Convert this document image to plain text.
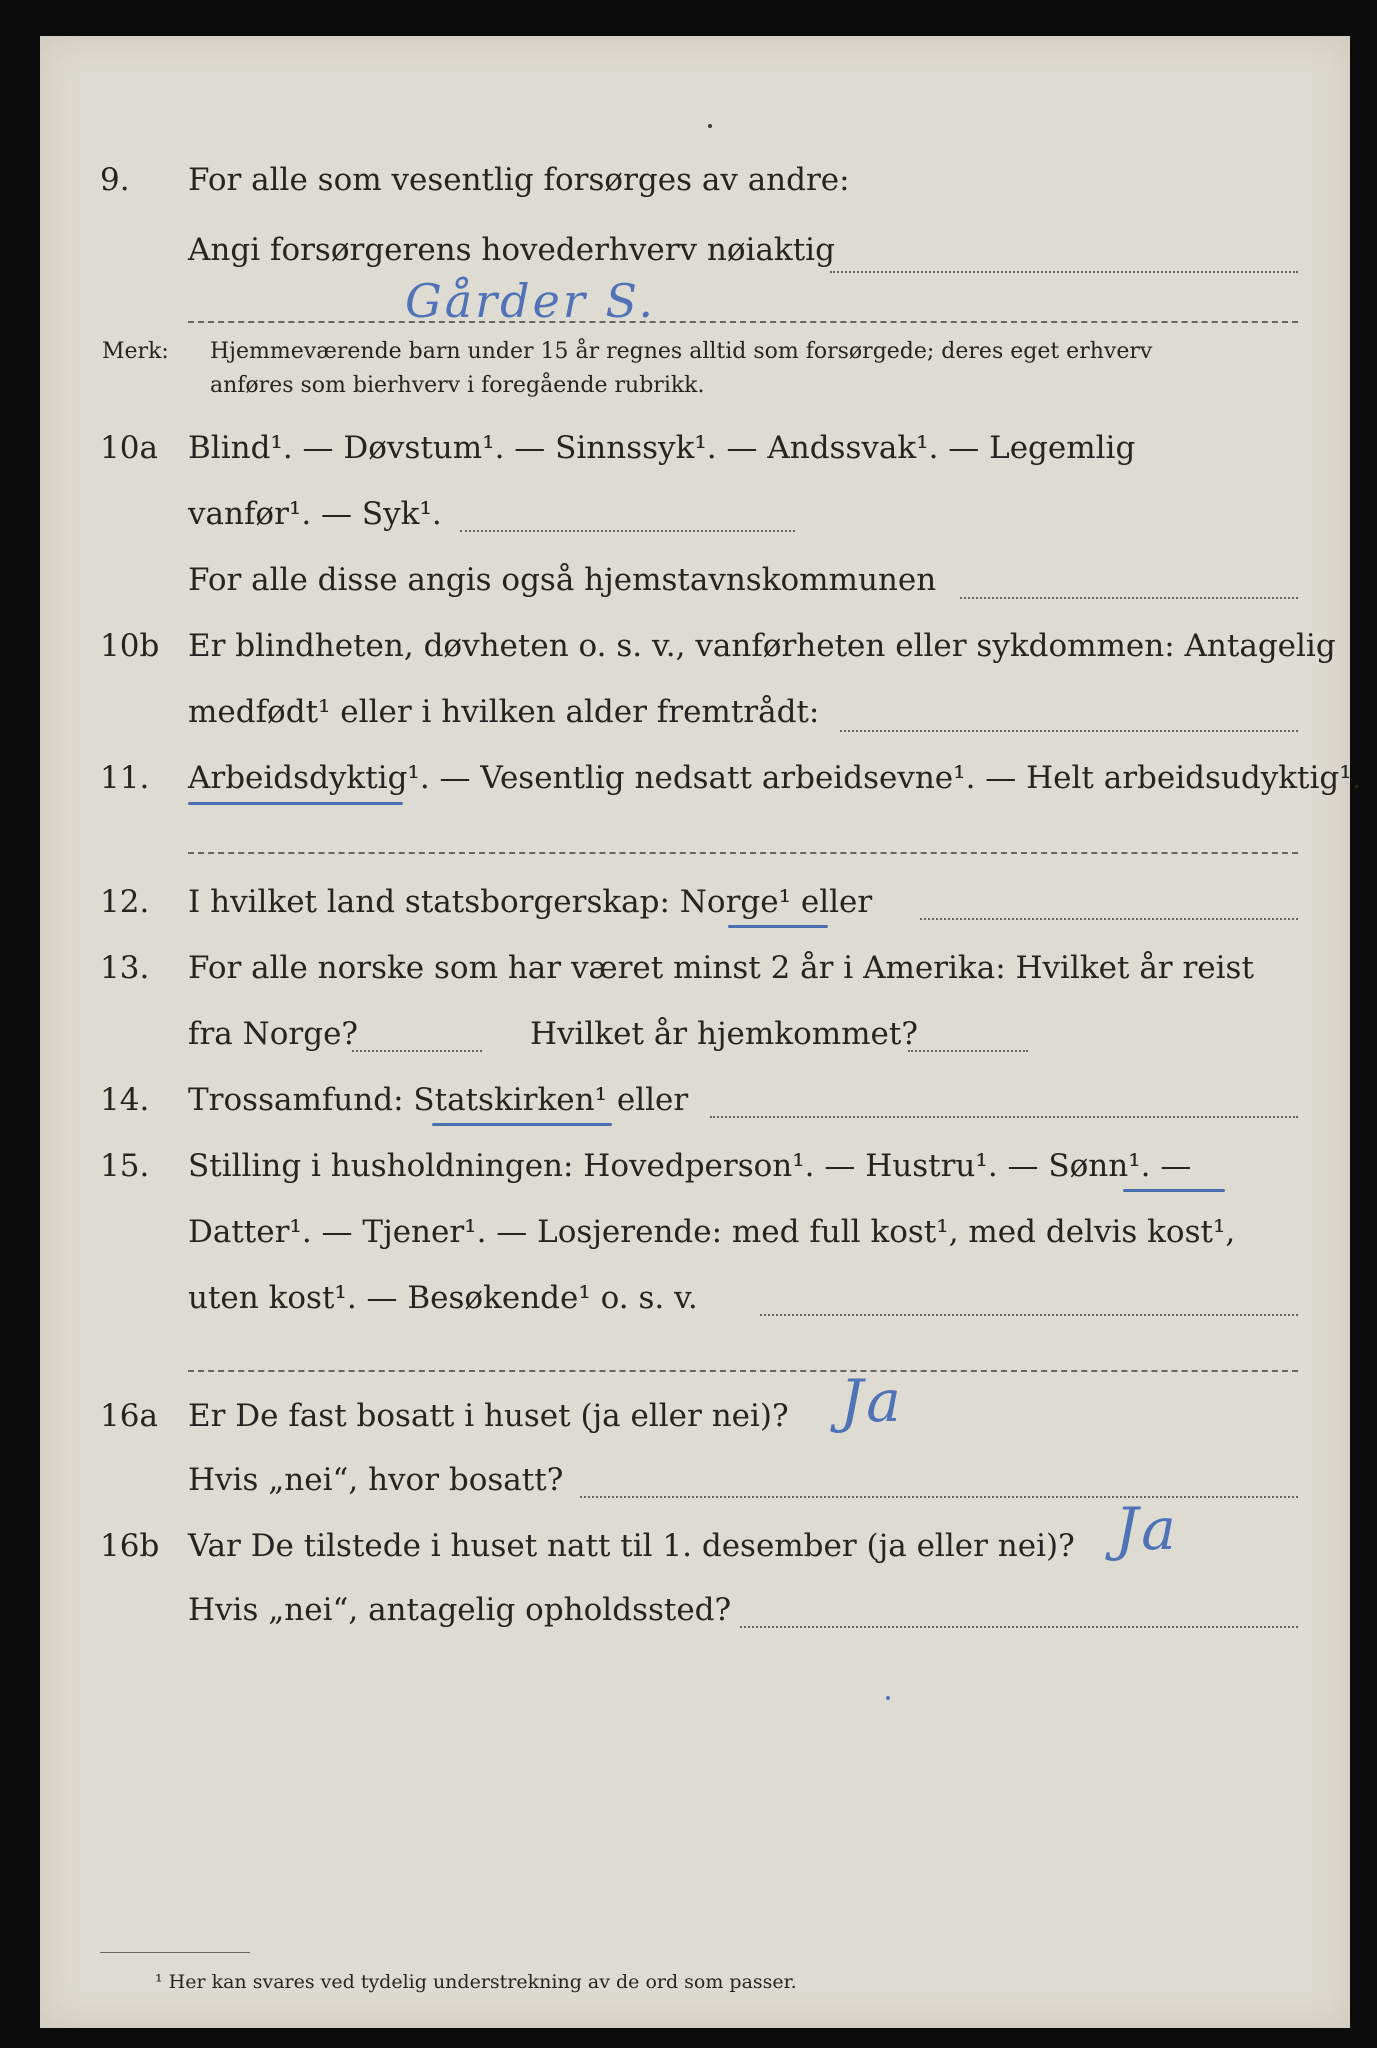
9. For alle som vesentlig forsørges av andre:
Angi forsørgerens hovederhverv nøiaktig
Gårder S.
Merk: Hjemmeværende barn under 15 år regnes alltid som forsørgede; deres eget erhverv
anføres som bierhverv i foregående rubrikk.
10a Blind¹. — Døvstum¹. — Sinnssyk¹. — Andssvak¹. — Legemlig
vanfør¹. — Syk¹.
For alle disse angis også hjemstavnskommunen
10b Er blindheten, døvheten o. s. v., vanførheten eller sykdommen: Antagelig
medfødt¹ eller i hvilken alder fremtrådt:
11. Arbeidsdyktig¹. — Vesentlig nedsatt arbeidsevne¹. — Helt arbeidsudyktig¹.
12. I hvilket land statsborgerskap: Norge¹ eller
13. For alle norske som har været minst 2 år i Amerika: Hvilket år reist
fra Norge?	Hvilket år hjemkommet?
14. Trossamfund: Statskirken¹ eller
15. Stilling i husholdningen: Hovedperson¹. — Hustru¹. — Sønn¹. —
Datter¹. — Tjener¹. — Losjerende: med full kost¹, med delvis kost¹,
uten kost¹. — Besøkende¹ o. s. v.
16a Er De fast bosatt i huset (ja eller nei)? Ja
Hvis „nei“, hvor bosatt?
16b Var De tilstede i huset natt til 1. desember (ja eller nei)? Ja
Hvis „nei“, antagelig opholdssted?
¹ Her kan svares ved tydelig understrekning av de ord som passer.
